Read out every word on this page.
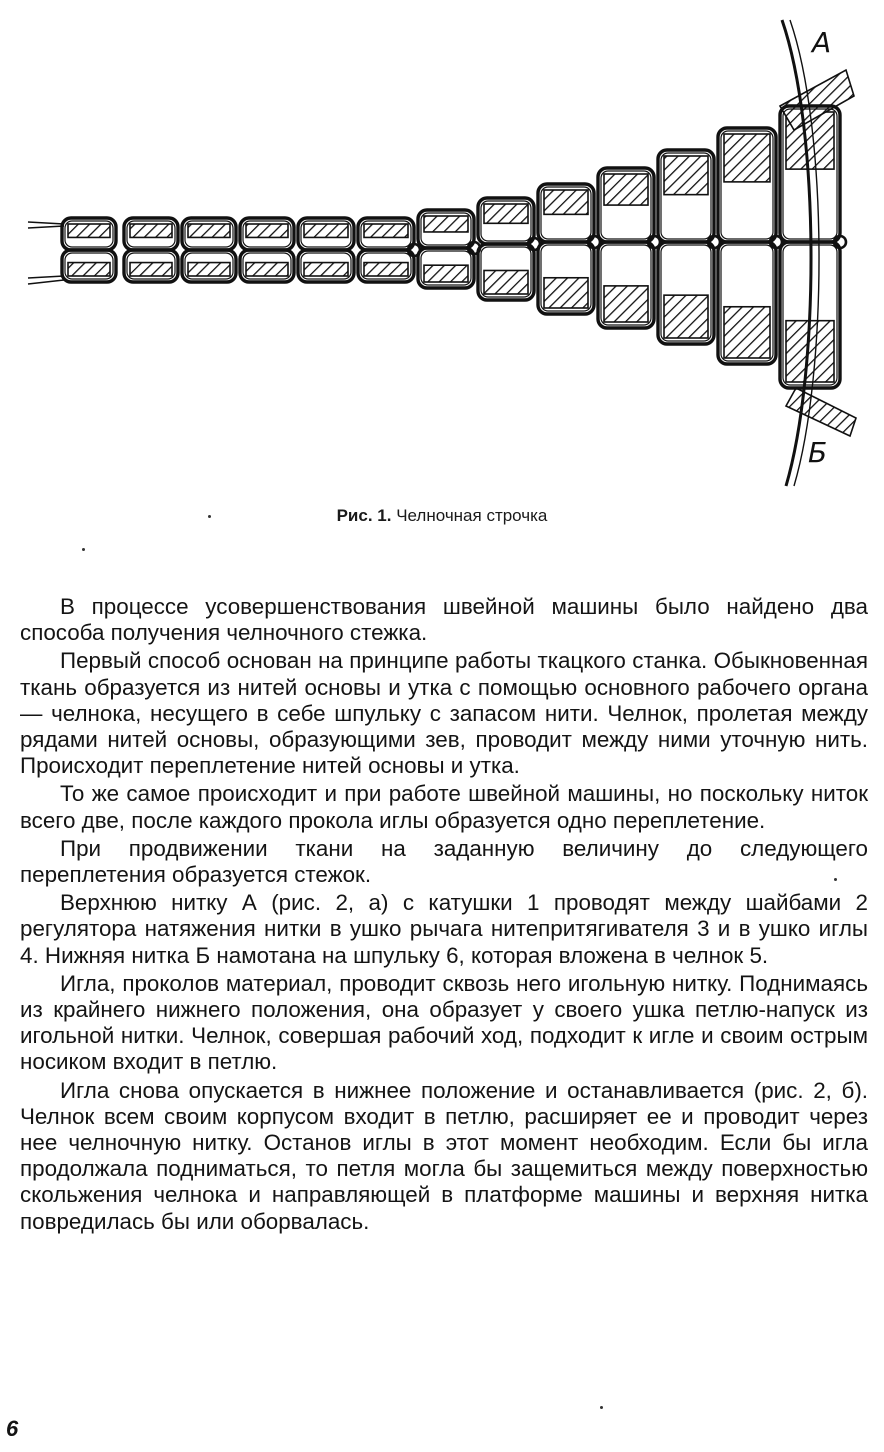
А
Б
Рис. 1. Челночная строчка

В процессе усовершенствования швейной машины было найдено два способа получения челночного стежка.

Первый способ основан на принципе работы ткацкого станка. Обыкновенная ткань образуется из нитей основы и утка с помощью основного рабочего органа — челнока, несущего в себе шпульку с запасом нити. Челнок, пролетая между рядами нитей основы, образующими зев, проводит между ними уточную нить. Происходит переплетение нитей основы и утка.

То же самое происходит и при работе швейной машины, но поскольку ниток всего две, после каждого прокола иглы образуется одно переплетение.

При продвижении ткани на заданную величину до следующего переплетения образуется стежок.

Верхнюю нитку А (рис. 2, а) с катушки 1 проводят между шайбами 2 регулятора натяжения нитки в ушко рычага нитепритягивателя 3 и в ушко иглы 4. Нижняя нитка Б намотана на шпульку 6, которая вложена в челнок 5.

Игла, проколов материал, проводит сквозь него игольную нитку. Поднимаясь из крайнего нижнего положения, она образует у своего ушка петлю-напуск из игольной нитки. Челнок, совершая рабочий ход, подходит к игле и своим острым носиком входит в петлю.

Игла снова опускается в нижнее положение и останавливается (рис. 2, б). Челнок всем своим корпусом входит в петлю, расширяет ее и проводит через нее челночную нитку. Останов иглы в этот момент необходим. Если бы игла продолжала подниматься, то петля могла бы защемиться между поверхностью скольжения челнока и направляющей в платформе машины и верхняя нитка повредилась бы или оборвалась.

6
